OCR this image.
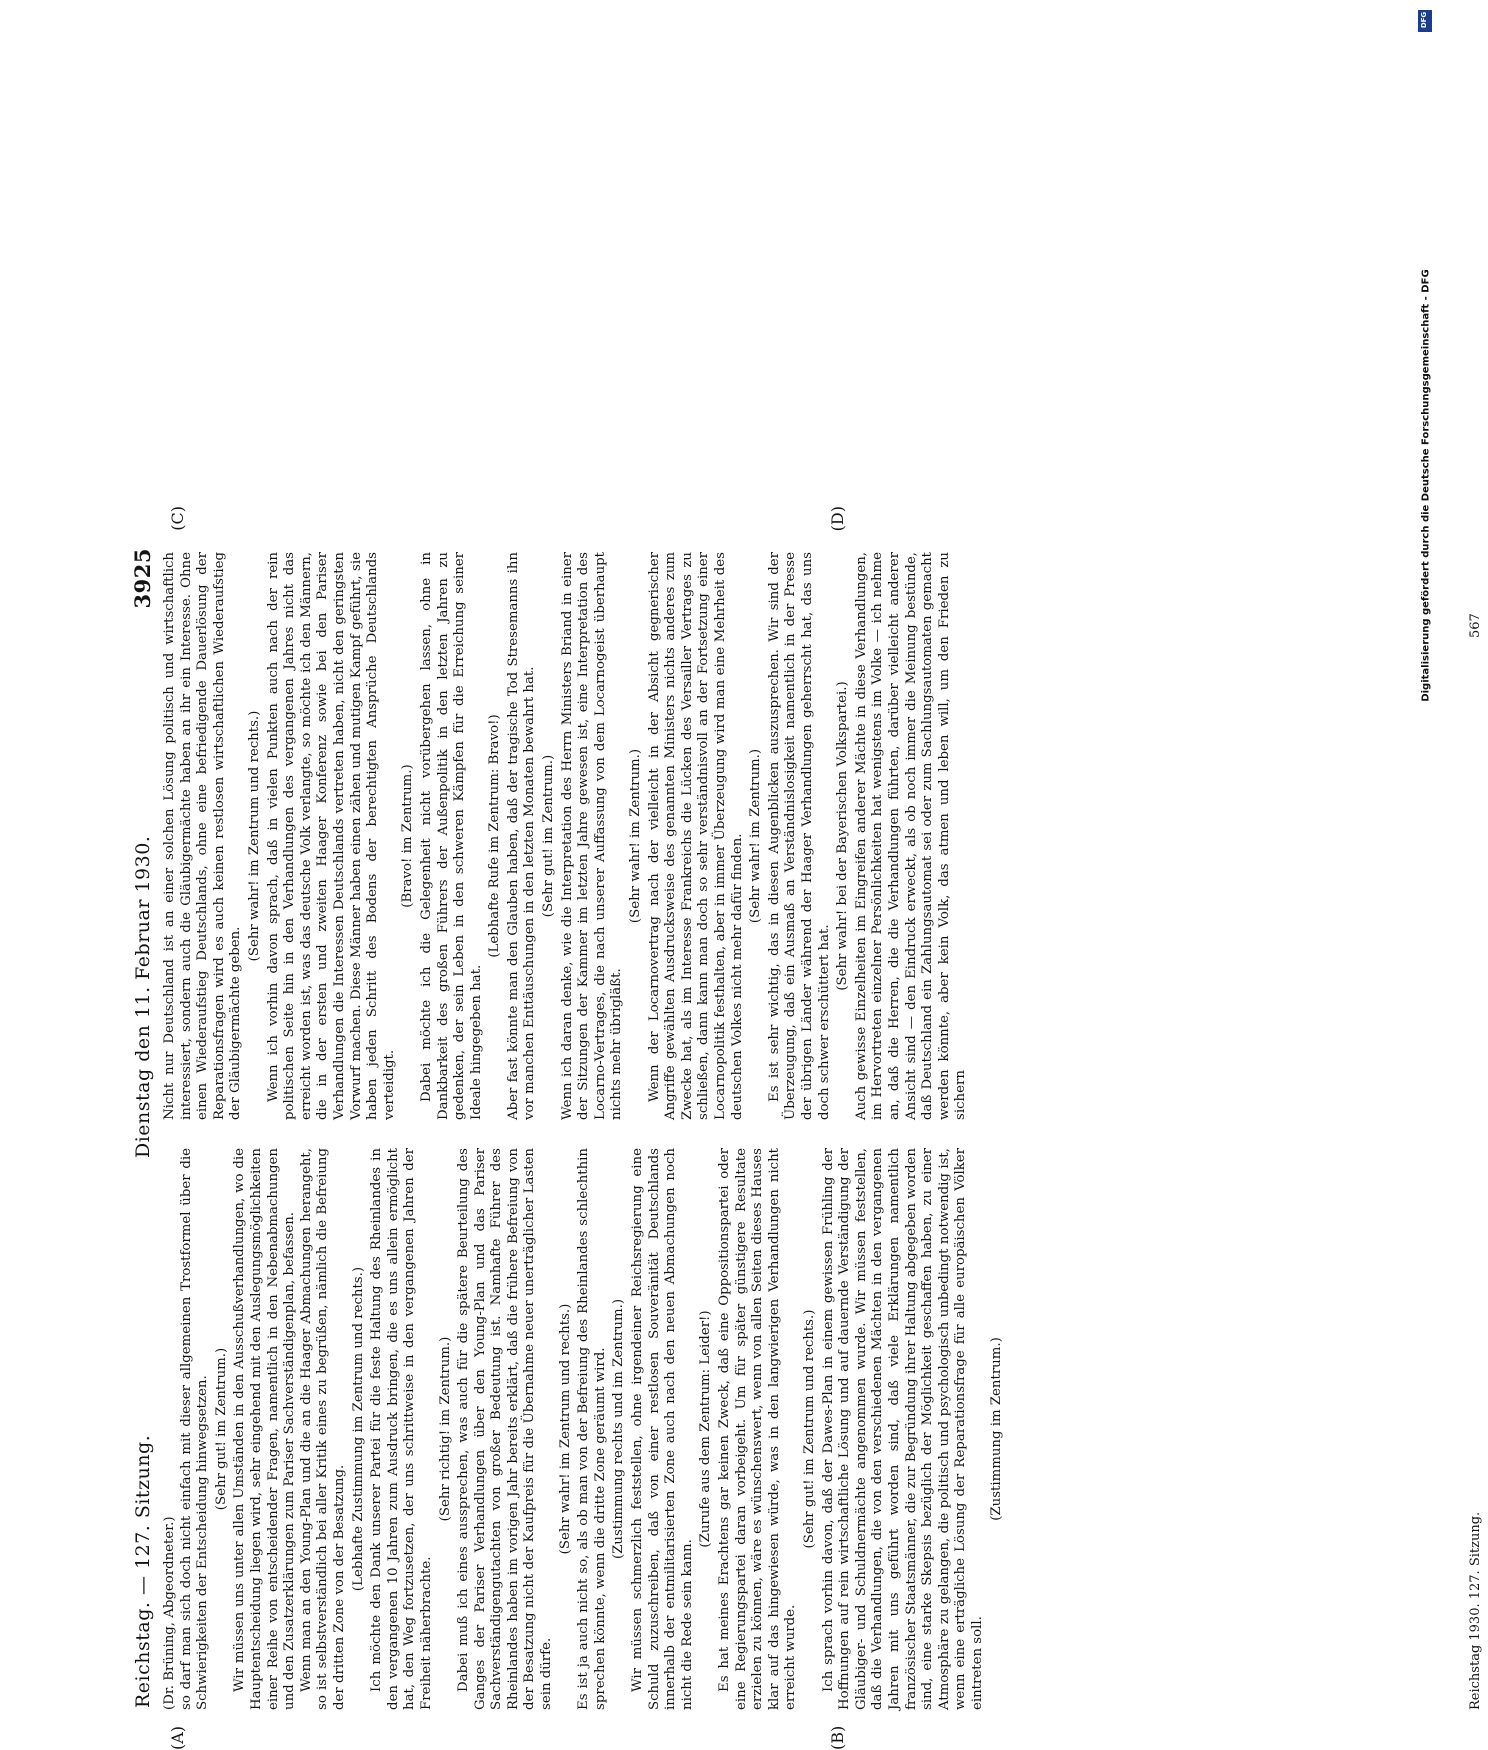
Reichstag. — 127. Sitzung.
Dienstag den 11. Februar 1930.
3925
(A)	(B)
(C)	(D)

(Dr. Brüning, Abgeordneter.) so darf man sich doch nicht einfach mit dieser allgemeinen Trostformel über die Schwierigkeiten der Entscheidung hinwegsetzen. (Sehr gut! im Zentrum.) Wir müssen uns unter allen Umständen in den Ausschußverhandlungen, wo die Hauptentscheidung liegen wird, sehr eingehend mit den Auslegungsmöglichkeiten einer Reihe von entscheidender Fragen, namentlich in den Nebenabmachungen und den Zusatzerklärungen zum Pariser Sachverständigenplan, befassen. Wenn man an den Young-Plan und die an die Haager Abmachungen herangeht, so ist selbstverständlich bei aller Kritik eines zu begrüßen, nämlich die Befreiung der dritten Zone von der Besatzung. (Lebhafte Zustimmung im Zentrum und rechts.) Ich möchte den Dank unserer Partei für die feste Haltung des Rheinlandes in den vergangenen 10 Jahren zum Ausdruck bringen, die es uns allein ermöglicht hat, den Weg fortzusetzen, der uns schrittweise in den vergangenen Jahren der Freiheit näherbrachte.

(Sehr richtig! im Zentrum.) Dabei muß ich eines aussprechen, was auch für die spätere Beurteilung des Ganges der Pariser Verhandlungen über den Young-Plan und das Pariser Sachverständigengutachten von großer Bedeutung ist. Namhafte Führer des Rheinlandes haben im vorigen Jahr bereits erklärt, daß die frühere Befreiung von der Besatzung nicht der Kaufpreis für die Übernahme neuer unerträglicher Lasten sein dürfe.

(Sehr wahr! im Zentrum und rechts.) Es ist ja auch nicht so, als ob man von der Befreiung des Rheinlandes schlechthin sprechen könnte, wenn die dritte Zone geräumt wird. (Zustimmung rechts und im Zentrum.) Wir müssen schmerzlich feststellen, ohne irgendeiner Reichsregierung eine Schuld zuzuschreiben, daß von einer restlosen Souveränität Deutschlands innerhalb der entmilitarisierten Zone auch nach den neuen Abmachungen noch nicht die Rede sein kann.

(Zurufe aus dem Zentrum: Leider!) Es hat meines Erachtens gar keinen Zweck, daß eine Oppositionspartei oder eine Regierungspartei daran vorbeigeht. Um für später günstigere Resultate erzielen zu können, wäre es wünschenswert, wenn von allen Seiten dieses Hauses klar auf das hingewiesen würde, was in den langwierigen Verhandlungen nicht erreicht wurde.

(Sehr gut! im Zentrum und rechts.) Ich sprach vorhin davon, daß der Dawes-Plan in einem gewissen Frühling der Hoffnungen auf rein wirtschaftliche Lösung und auf dauernde Verständigung der Gläubiger- und Schuldnermächte angenommen wurde. Wir müssen feststellen, daß die Verhandlungen, die von den verschiedenen Mächten in den vergangenen Jahren mit uns geführt worden sind, daß viele Erklärungen namentlich französischer Staatsmänner, die zur Begründung ihrer Haltung abgegeben worden sind, eine starke Skepsis bezüglich der Möglichkeit geschaffen haben, zu einer Atmosphäre zu gelangen, die politisch und psychologisch unbedingt notwendig ist, wenn eine erträgliche Lösung der Reparationsfrage für alle europäischen Völker eintreten soll.

(Zustimmung im Zentrum.)

Nicht nur Deutschland ist an einer solchen Lösung politisch und wirtschaftlich interessiert, sondern auch die Gläubigermächte haben an ihr ein Interesse. Ohne einen Wiederaufstieg Deutschlands, ohne eine befriedigende Dauerlösung der Reparationsfragen wird es auch keinen restlosen wirtschaftlichen Wiederaufstieg der Gläubigermächte geben.

(Sehr wahr! im Zentrum und rechts.) Wenn ich vorhin davon sprach, daß in vielen Punkten auch nach der rein politischen Seite hin in den Verhandlungen des vergangenen Jahres nicht das erreicht worden ist, was das deutsche Volk verlangte, so möchte ich den Männern, die in der ersten und zweiten Haager Konferenz sowie bei den Pariser Verhandlungen die Interessen Deutschlands vertreten haben, nicht den geringsten Vorwurf machen. Diese Männer haben einen zähen und mutigen Kampf geführt, sie haben jeden Schritt des Bodens der berechtigten Ansprüche Deutschlands verteidigt.

(Bravo! im Zentrum.) Dabei möchte ich die Gelegenheit nicht vorübergehen lassen, ohne in Dankbarkeit des großen Führers der Außenpolitik in den letzten Jahren zu gedenken, der sein Leben in den schweren Kämpfen für die Erreichung seiner Ideale hingegeben hat.

(Lebhafte Rufe im Zentrum: Bravo!) Aber fast könnte man den Glauben haben, daß der tragische Tod Stresemanns ihn vor manchen Enttäuschungen in den letzten Monaten bewahrt hat. (Sehr gut! im Zentrum.) Wenn ich daran denke, wie die Interpretation des Herrn Ministers Briand in einer der Sitzungen der Kammer im letzten Jahre gewesen ist, eine Interpretation des Locarno-Vertrages, die nach unserer Auffassung von dem Locarnogeist überhaupt nichts mehr übrigläßt.

(Sehr wahr! im Zentrum.) Wenn der Locarnovertrag nach der vielleicht in der Absicht gegnerischer Angriffe gewählten Ausdrucksweise des genannten Ministers nichts anderes zum Zwecke hat, als im Interesse Frankreichs die Lücken des Versailler Vertrages zu schließen, dann kann man doch so sehr verständnisvoll an der Fortsetzung einer Locarnopolitik festhalten, aber in immer Überzeugung wird man eine Mehrheit des deutschen Volkes nicht mehr dafür finden. (Sehr wahr! im Zentrum.) Es ist sehr wichtig, das in diesen Augenblicken auszusprechen. Wir sind der Überzeugung, daß ein Ausmaß an Verständnislosigkeit namentlich in der Presse der übrigen Länder während der Haager Verhandlungen geherrscht hat, das uns doch schwer erschüttert hat.

(Sehr wahr! bei der Bayerischen Volkspartei.) Auch gewisse Einzelheiten im Eingreifen anderer Mächte in diese Verhandlungen, im Hervortreten einzelner Persönlichkeiten hat wenigstens im Volke — ich nehme an, daß die Herren, die die Verhandlungen führten, darüber vielleicht anderer Ansicht sind — den Eindruck erweckt, als ob noch immer die Meinung bestünde, daß Deutschland ein Zahlungsautomat sei oder zum Sachlungsautomaten gemacht werden könnte, aber kein Volk, das atmen und leben will, um den Frieden zu sichern

Reichstag 1930. 127. Sitzung.
567
DFG
Digitalisierung gefördert durch die Deutsche Forschungsgemeinschaft - DFG
